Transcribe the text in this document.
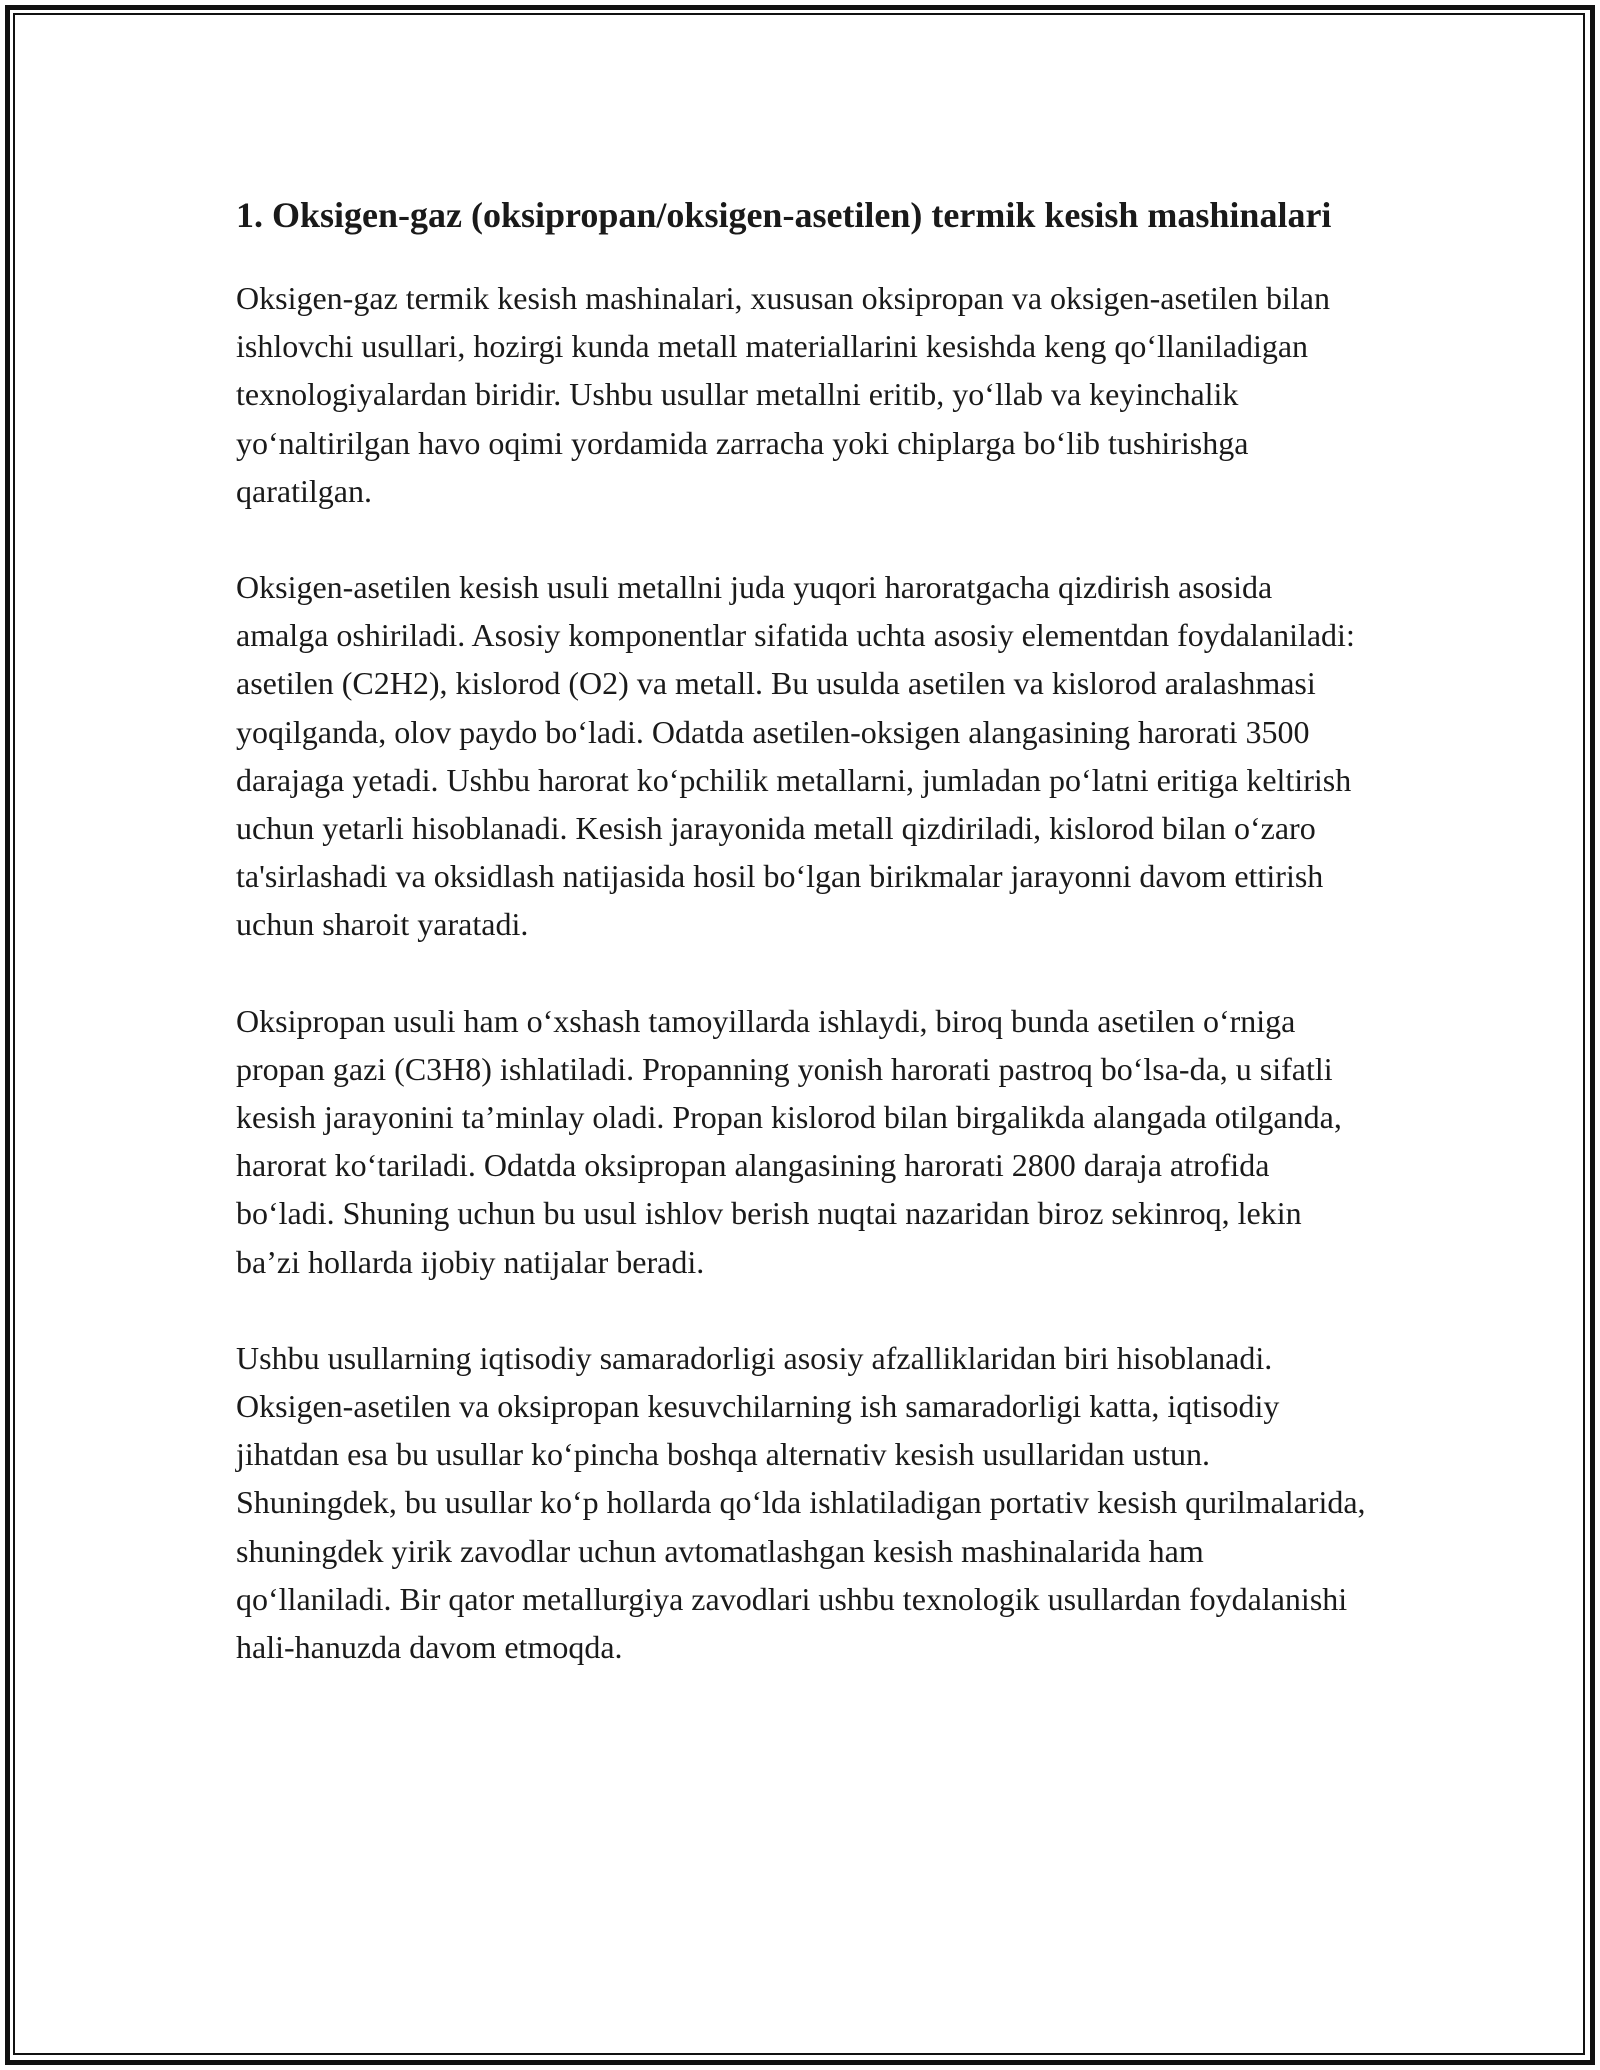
1. Oksigen-gaz (oksipropan/oksigen-asetilen) termik kesish mashinalari

Oksigen-gaz termik kesish mashinalari, xususan oksipropan va oksigen-asetilen bilan ishlovchi usullari, hozirgi kunda metall materiallarini kesishda keng qo‘llaniladigan texnologiyalardan biridir. Ushbu usullar metallni eritib, yo‘llab va keyinchalik yo‘naltirilgan havo oqimi yordamida zarracha yoki chiplarga bo‘lib tushirishga qaratilgan.

Oksigen-asetilen kesish usuli metallni juda yuqori haroratgacha qizdirish asosida amalga oshiriladi. Asosiy komponentlar sifatida uchta asosiy elementdan foydalaniladi: asetilen (C2H2), kislorod (O2) va metall. Bu usulda asetilen va kislorod aralashmasi yoqilganda, olov paydo bo‘ladi. Odatda asetilen-oksigen alangasining harorati 3500 darajaga yetadi. Ushbu harorat ko‘pchilik metallarni, jumladan po‘latni eritiga keltirish uchun yetarli hisoblanadi. Kesish jarayonida metall qizdiriladi, kislorod bilan o‘zaro ta'sirlashadi va oksidlash natijasida hosil bo‘lgan birikmalar jarayonni davom ettirish uchun sharoit yaratadi.

Oksipropan usuli ham o‘xshash tamoyillarda ishlaydi, biroq bunda asetilen o‘rniga propan gazi (C3H8) ishlatiladi. Propanning yonish harorati pastroq bo‘lsa-da, u sifatli kesish jarayonini ta’minlay oladi. Propan kislorod bilan birgalikda alangada otilganda, harorat ko‘tariladi. Odatda oksipropan alangasining harorati 2800 daraja atrofida bo‘ladi. Shuning uchun bu usul ishlov berish nuqtai nazaridan biroz sekinroq, lekin ba’zi hollarda ijobiy natijalar beradi.

Ushbu usullarning iqtisodiy samaradorligi asosiy afzalliklaridan biri hisoblanadi. Oksigen-asetilen va oksipropan kesuvchilarning ish samaradorligi katta, iqtisodiy jihatdan esa bu usullar ko‘pincha boshqa alternativ kesish usullaridan ustun. Shuningdek, bu usullar ko‘p hollarda qo‘lda ishlatiladigan portativ kesish qurilmalarida, shuningdek yirik zavodlar uchun avtomatlashgan kesish mashinalarida ham qo‘llaniladi. Bir qator metallurgiya zavodlari ushbu texnologik usullardan foydalanishi hali-hanuzda davom etmoqda.
